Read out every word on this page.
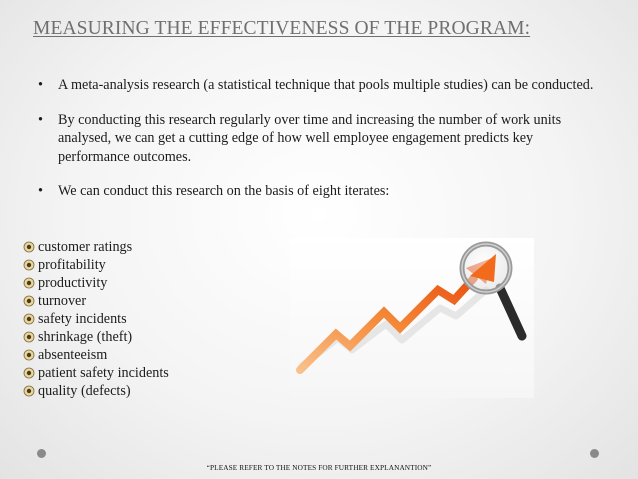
MEASURING THE EFFECTIVENESS OF THE PROGRAM:
•	A meta-analysis research (a statistical technique that pools multiple studies) can be conducted.
•	By conducting this research regularly over time and increasing the number of work units analysed, we can get a cutting edge of how well employee engagement predicts key performance outcomes.
•	We can conduct this research on the basis of eight iterates:
customer ratings
profitability
productivity
turnover
safety incidents
shrinkage (theft)
absenteeism
patient safety incidents
quality (defects)
“PLEASE REFER TO THE NOTES FOR FURTHER EXPLANANTION”
